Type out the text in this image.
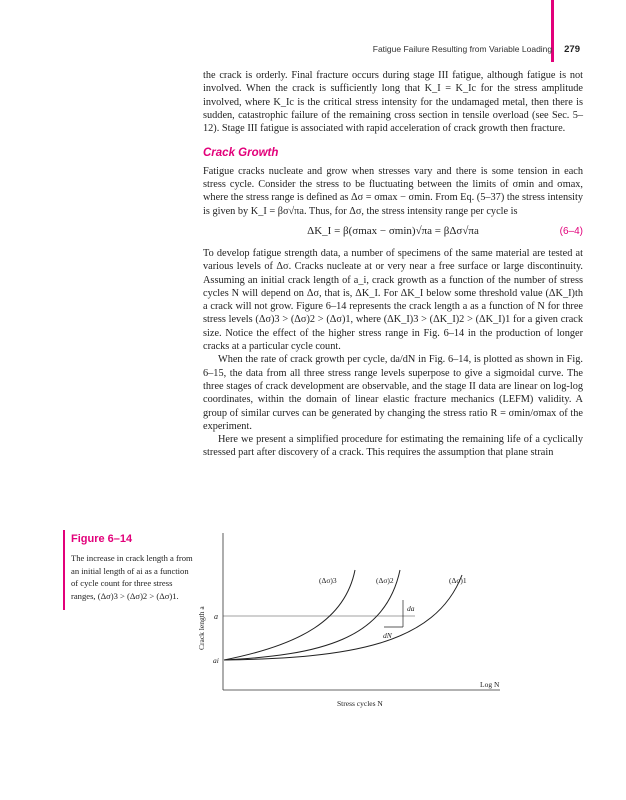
Fatigue Failure Resulting from Variable Loading 279

the crack is orderly. Final fracture occurs during stage III fatigue, although fatigue is not involved. When the crack is sufficiently long that K_I = K_Ic for the stress amplitude involved, where K_Ic is the critical stress intensity for the undamaged metal, then there is sudden, catastrophic failure of the remaining cross section in tensile overload (see Sec. 5–12). Stage III fatigue is associated with rapid acceleration of crack growth then fracture.

Crack Growth

Fatigue cracks nucleate and grow when stresses vary and there is some tension in each stress cycle. Consider the stress to be fluctuating between the limits of σmin and σmax, where the stress range is defined as Δσ = σmax − σmin. From Eq. (5–37) the stress intensity is given by K_I = βσ√πa. Thus, for Δσ, the stress intensity range per cycle is

ΔK_I = β(σmax − σmin)√πa = βΔσ√πa	(6–4)

To develop fatigue strength data, a number of specimens of the same material are tested at various levels of Δσ. Cracks nucleate at or very near a free surface or large discontinuity. Assuming an initial crack length of a_i, crack growth as a function of the number of stress cycles N will depend on Δσ, that is, ΔK_I. For ΔK_I below some threshold value (ΔK_I)th a crack will not grow. Figure 6–14 represents the crack length a as a function of N for three stress levels (Δσ)3 > (Δσ)2 > (Δσ)1, where (ΔK_I)3 > (ΔK_I)2 > (ΔK_I)1 for a given crack size. Notice the effect of the higher stress range in Fig. 6–14 in the production of longer cracks at a particular cycle count.

When the rate of crack growth per cycle, da/dN in Fig. 6–14, is plotted as shown in Fig. 6–15, the data from all three stress range levels superpose to give a sigmoidal curve. The three stages of crack development are observable, and the stage II data are linear on log-log coordinates, within the domain of linear elastic fracture mechanics (LEFM) validity. A group of similar curves can be generated by changing the stress ratio R = σmin/σmax of the experiment.

Here we present a simplified procedure for estimating the remaining life of a cyclically stressed part after discovery of a crack. This requires the assumption that plane strain

Figure 6–14
The increase in crack length a from an initial length of ai as a function of cycle count for three stress ranges, (Δσ)3 > (Δσ)2 > (Δσ)1.
(Δσ)3	(Δσ)2	(Δσ)1
da
dN
a
ai
Crack length a
Stress cycles N
Log N
